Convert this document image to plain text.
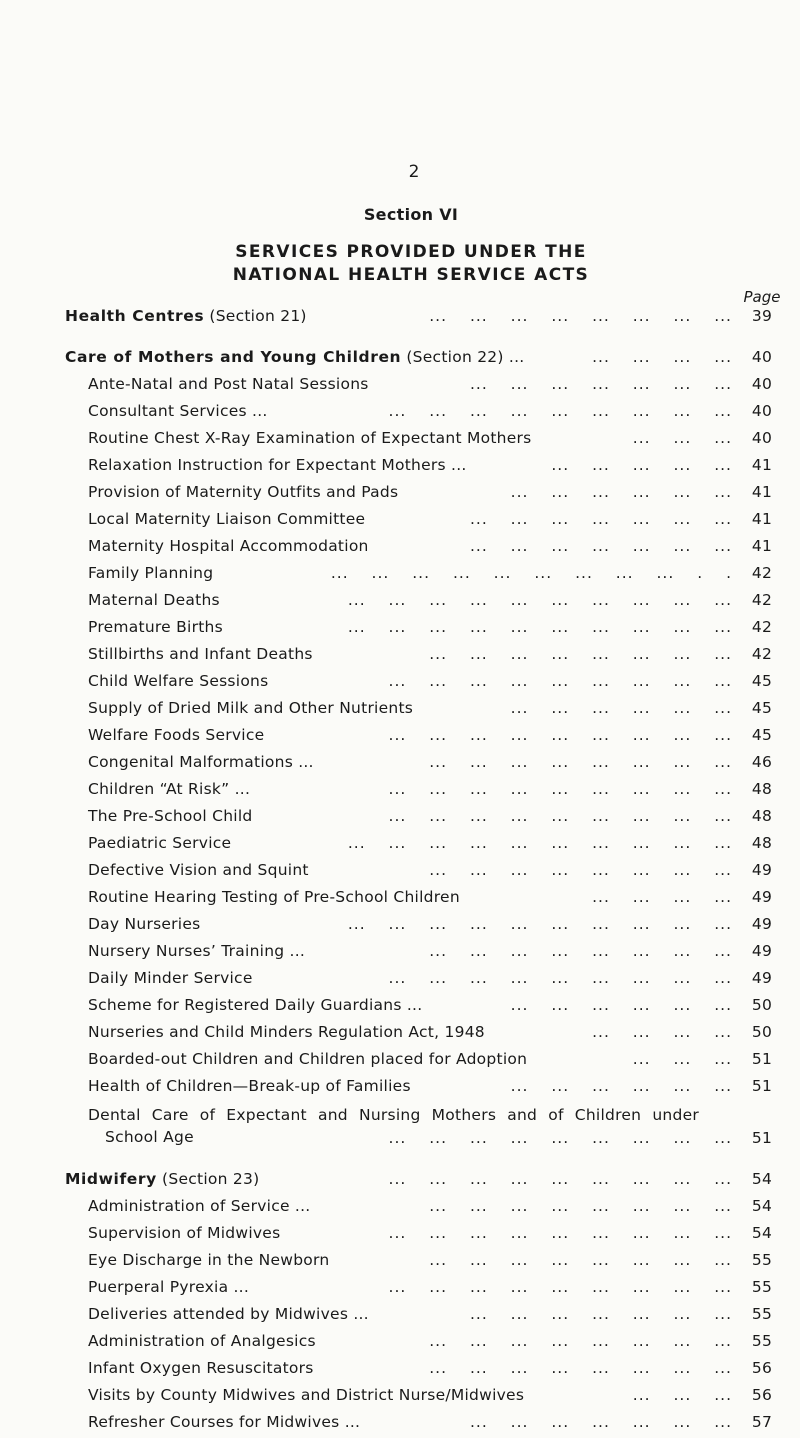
2
Section VI
SERVICES PROVIDED UNDER THE
NATIONAL HEALTH SERVICE ACTS
Page
Health Centres (Section 21)	... ... ... ... ... ... ... ...	39
Care of Mothers and Young Children (Section 22) ...	... ... ... ...	40
Ante-Natal and Post Natal Sessions	... ... ... ... ... ... ...	40
Consultant Services ...	... ... ... ... ... ... ... ... ...	40
Routine Chest X-Ray Examination of Expectant Mothers	... ... ...	40
Relaxation Instruction for Expectant Mothers ...	... ... ... ... ...	41
Provision of Maternity Outfits and Pads	... ... ... ... ... ...	41
Local Maternity Liaison Committee	... ... ... ... ... ... ...	41
Maternity Hospital Accommodation	... ... ... ... ... ... ...	41
Family Planning	... ... ... ... ... ... ... ... ... . .	42
Maternal Deaths	... ... ... ... ... ... ... ... ... ...	42
Premature Births	... ... ... ... ... ... ... ... ... ...	42
Stillbirths and Infant Deaths	... ... ... ... ... ... ... ...	42
Child Welfare Sessions	... ... ... ... ... ... ... ... ...	45
Supply of Dried Milk and Other Nutrients	... ... ... ... ... ...	45
Welfare Foods Service	... ... ... ... ... ... ... ... ...	45
Congenital Malformations ...	... ... ... ... ... ... ... ...	46
Children “At Risk” ...	... ... ... ... ... ... ... ... ...	48
The Pre-School Child	... ... ... ... ... ... ... ... ...	48
Paediatric Service	... ... ... ... ... ... ... ... ... ...	48
Defective Vision and Squint	... ... ... ... ... ... ... ...	49
Routine Hearing Testing of Pre-School Children	... ... ... ...	49
Day Nurseries	... ... ... ... ... ... ... ... ... ...	49
Nursery Nurses’ Training ...	... ... ... ... ... ... ... ...	49
Daily Minder Service	... ... ... ... ... ... ... ... ...	49
Scheme for Registered Daily Guardians ...	... ... ... ... ... ...	50
Nurseries and Child Minders Regulation Act, 1948	... ... ... ...	50
Boarded-out Children and Children placed for Adoption	... ... ...	51
Health of Children—Break-up of Families	... ... ... ... ... ...	51
Dental Care of Expectant and Nursing Mothers and of Children under
School Age	... ... ... ... ... ... ... ... ...	51
Midwifery (Section 23)	... ... ... ... ... ... ... ... ...	54
Administration of Service ...	... ... ... ... ... ... ... ...	54
Supervision of Midwives	... ... ... ... ... ... ... ... ...	54
Eye Discharge in the Newborn	... ... ... ... ... ... ... ...	55
Puerperal Pyrexia ...	... ... ... ... ... ... ... ... ...	55
Deliveries attended by Midwives ...	... ... ... ... ... ... ...	55
Administration of Analgesics	... ... ... ... ... ... ... ...	55
Infant Oxygen Resuscitators	... ... ... ... ... ... ... ...	56
Visits by County Midwives and District Nurse/Midwives	... ... ...	56
Refresher Courses for Midwives ...	... ... ... ... ... ... ...	57
